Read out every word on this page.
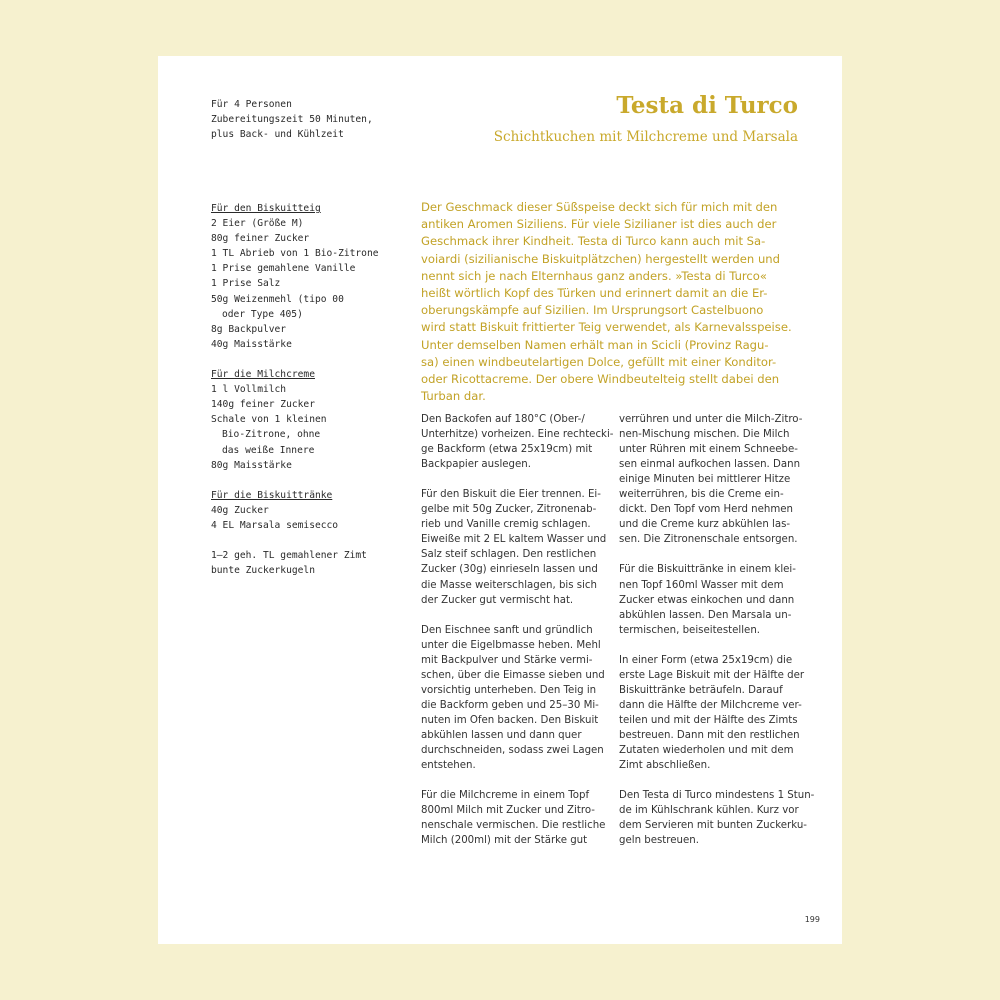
Für 4 Personen
Zubereitungszeit 50 Minuten,
plus Back- und Kühlzeit
Testa di Turco
Schichtkuchen mit Milchcreme und Marsala
Für den Biskuitteig
2 Eier (Größe M)
80g feiner Zucker
1 TL Abrieb von 1 Bio-Zitrone
1 Prise gemahlene Vanille
1 Prise Salz
50g Weizenmehl (tipo 00
oder Type 405)
8g Backpulver
40g Maisstärke
Für die Milchcreme
1 l Vollmilch
140g feiner Zucker
Schale von 1 kleinen
Bio-Zitrone, ohne
das weiße Innere
80g Maisstärke
Für die Biskuittränke
40g Zucker
4 EL Marsala semisecco
1–2 geh. TL gemahlener Zimt
bunte Zuckerkugeln
Der Geschmack dieser Süßspeise deckt sich für mich mit den
antiken Aromen Siziliens. Für viele Sizilianer ist dies auch der
Geschmack ihrer Kindheit. Testa di Turco kann auch mit Sa-
voiardi (sizilianische Biskuitplätzchen) hergestellt werden und
nennt sich je nach Elternhaus ganz anders. »Testa di Turco«
heißt wörtlich Kopf des Türken und erinnert damit an die Er-
oberungskämpfe auf Sizilien. Im Ursprungsort Castelbuono
wird statt Biskuit frittierter Teig verwendet, als Karnevalsspeise.
Unter demselben Namen erhält man in Scicli (Provinz Ragu-
sa) einen windbeutelartigen Dolce, gefüllt mit einer Konditor-
oder Ricottacreme. Der obere Windbeutelteig stellt dabei den
Turban dar.
Den Backofen auf 180°C (Ober-/
Unterhitze) vorheizen. Eine rechtecki-
ge Backform (etwa 25x19cm) mit
Backpapier auslegen.
Für den Biskuit die Eier trennen. Ei-
gelbe mit 50g Zucker, Zitronenab-
rieb und Vanille cremig schlagen.
Eiweiße mit 2 EL kaltem Wasser und
Salz steif schlagen. Den restlichen
Zucker (30g) einrieseln lassen und
die Masse weiterschlagen, bis sich
der Zucker gut vermischt hat.
Den Eischnee sanft und gründlich
unter die Eigelbmasse heben. Mehl
mit Backpulver und Stärke vermi-
schen, über die Eimasse sieben und
vorsichtig unterheben. Den Teig in
die Backform geben und 25–30 Mi-
nuten im Ofen backen. Den Biskuit
abkühlen lassen und dann quer
durchschneiden, sodass zwei Lagen
entstehen.
Für die Milchcreme in einem Topf
800ml Milch mit Zucker und Zitro-
nenschale vermischen. Die restliche
Milch (200ml) mit der Stärke gut
verrühren und unter die Milch-Zitro-
nen-Mischung mischen. Die Milch
unter Rühren mit einem Schneebe-
sen einmal aufkochen lassen. Dann
einige Minuten bei mittlerer Hitze
weiterrühren, bis die Creme ein-
dickt. Den Topf vom Herd nehmen
und die Creme kurz abkühlen las-
sen. Die Zitronenschale entsorgen.
Für die Biskuittränke in einem klei-
nen Topf 160ml Wasser mit dem
Zucker etwas einkochen und dann
abkühlen lassen. Den Marsala un-
termischen, beiseitestellen.
In einer Form (etwa 25x19cm) die
erste Lage Biskuit mit der Hälfte der
Biskuittränke beträufeln. Darauf
dann die Hälfte der Milchcreme ver-
teilen und mit der Hälfte des Zimts
bestreuen. Dann mit den restlichen
Zutaten wiederholen und mit dem
Zimt abschließen.
Den Testa di Turco mindestens 1 Stun-
de im Kühlschrank kühlen. Kurz vor
dem Servieren mit bunten Zuckerku-
geln bestreuen.
199
